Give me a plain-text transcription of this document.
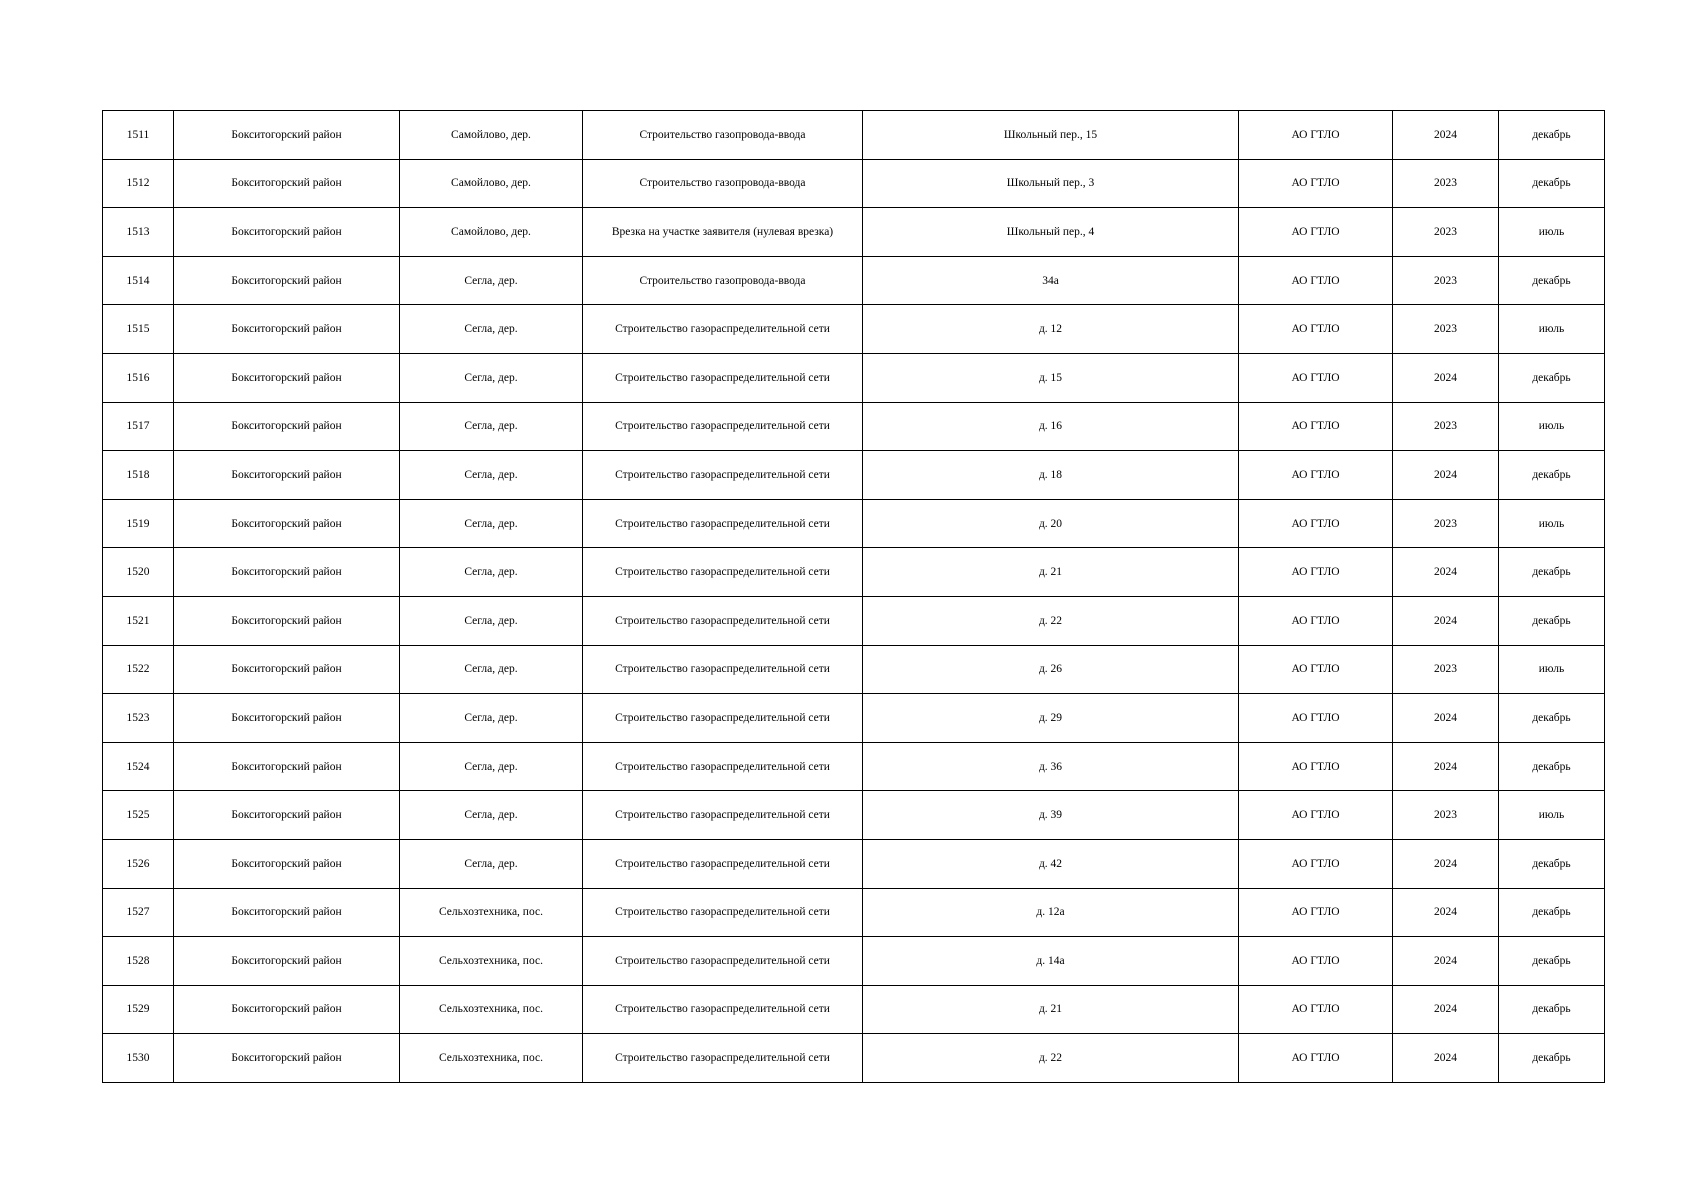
1511	Бокситогорский район	Самойлово, дер.	Строительство газопровода-ввода	Школьный пер., 15	АО ГТЛО	2024	декабрь
1512	Бокситогорский район	Самойлово, дер.	Строительство газопровода-ввода	Школьный пер., 3	АО ГТЛО	2023	декабрь
1513	Бокситогорский район	Самойлово, дер.	Врезка на участке заявителя (нулевая врезка)	Школьный пер., 4	АО ГТЛО	2023	июль
1514	Бокситогорский район	Сегла, дер.	Строительство газопровода-ввода	34а	АО ГТЛО	2023	декабрь
1515	Бокситогорский район	Сегла, дер.	Строительство газораспределительной сети	д. 12	АО ГТЛО	2023	июль
1516	Бокситогорский район	Сегла, дер.	Строительство газораспределительной сети	д. 15	АО ГТЛО	2024	декабрь
1517	Бокситогорский район	Сегла, дер.	Строительство газораспределительной сети	д. 16	АО ГТЛО	2023	июль
1518	Бокситогорский район	Сегла, дер.	Строительство газораспределительной сети	д. 18	АО ГТЛО	2024	декабрь
1519	Бокситогорский район	Сегла, дер.	Строительство газораспределительной сети	д. 20	АО ГТЛО	2023	июль
1520	Бокситогорский район	Сегла, дер.	Строительство газораспределительной сети	д. 21	АО ГТЛО	2024	декабрь
1521	Бокситогорский район	Сегла, дер.	Строительство газораспределительной сети	д. 22	АО ГТЛО	2024	декабрь
1522	Бокситогорский район	Сегла, дер.	Строительство газораспределительной сети	д. 26	АО ГТЛО	2023	июль
1523	Бокситогорский район	Сегла, дер.	Строительство газораспределительной сети	д. 29	АО ГТЛО	2024	декабрь
1524	Бокситогорский район	Сегла, дер.	Строительство газораспределительной сети	д. 36	АО ГТЛО	2024	декабрь
1525	Бокситогорский район	Сегла, дер.	Строительство газораспределительной сети	д. 39	АО ГТЛО	2023	июль
1526	Бокситогорский район	Сегла, дер.	Строительство газораспределительной сети	д. 42	АО ГТЛО	2024	декабрь
1527	Бокситогорский район	Сельхозтехника, пос.	Строительство газораспределительной сети	д. 12а	АО ГТЛО	2024	декабрь
1528	Бокситогорский район	Сельхозтехника, пос.	Строительство газораспределительной сети	д. 14а	АО ГТЛО	2024	декабрь
1529	Бокситогорский район	Сельхозтехника, пос.	Строительство газораспределительной сети	д. 21	АО ГТЛО	2024	декабрь
1530	Бокситогорский район	Сельхозтехника, пос.	Строительство газораспределительной сети	д. 22	АО ГТЛО	2024	декабрь
